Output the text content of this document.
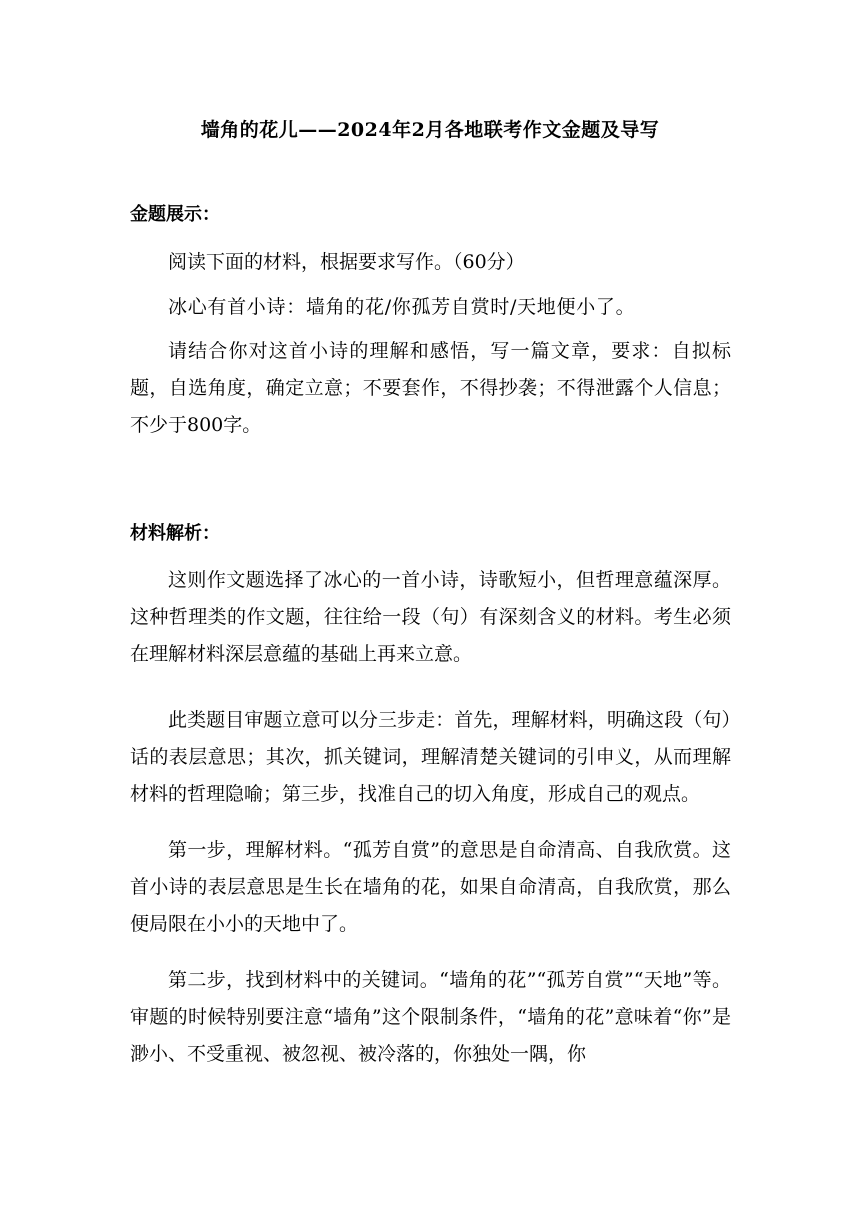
墙角的花儿——2024年2月各地联考作文金题及导写
金题展示：
阅读下面的材料，根据要求写作。（60分）
冰心有首小诗：墙角的花/你孤芳自赏时/天地便小了。
请结合你对这首小诗的理解和感悟，写一篇文章，要求：自拟标题，自选角度，确定立意；不要套作，不得抄袭；不得泄露个人信息；不少于800字。
材料解析：
这则作文题选择了冰心的一首小诗，诗歌短小，但哲理意蕴深厚。这种哲理类的作文题，往往给一段（句）有深刻含义的材料。考生必须在理解材料深层意蕴的基础上再来立意。
此类题目审题立意可以分三步走：首先，理解材料，明确这段（句）话的表层意思；其次，抓关键词，理解清楚关键词的引申义，从而理解材料的哲理隐喻；第三步，找准自己的切入角度，形成自己的观点。
第一步，理解材料。“孤芳自赏”的意思是自命清高、自我欣赏。这首小诗的表层意思是生长在墙角的花，如果自命清高，自我欣赏，那么便局限在小小的天地中了。
第二步，找到材料中的关键词。“墙角的花”“孤芳自赏”“天地”等。审题的时候特别要注意“墙角”这个限制条件，“墙角的花”意味着“你”是渺小、不受重视、被忽视、被冷落的，你独处一隅，你
